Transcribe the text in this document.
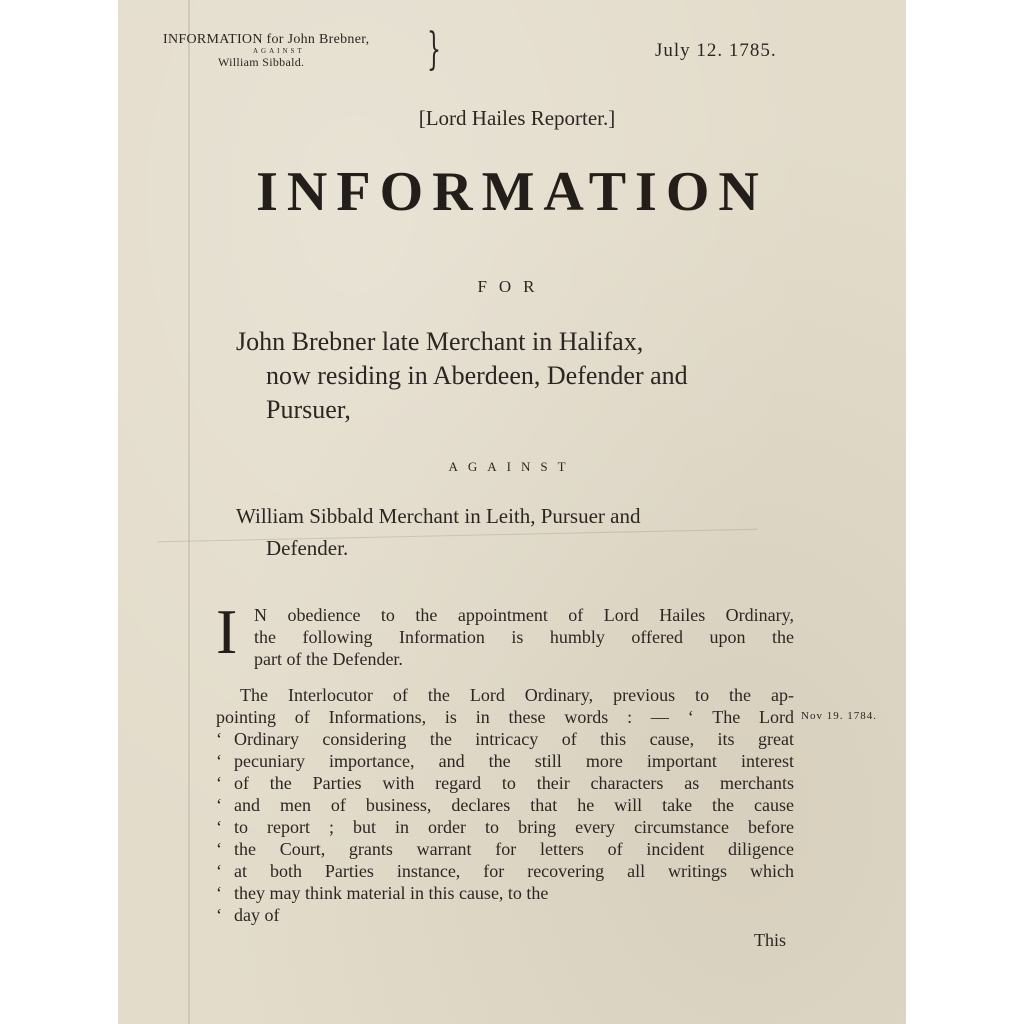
INFORMATION for John Brebner,
AGAINST
William Sibbald.	}	July 12. 1785.
[Lord Hailes Reporter.]
INFORMATION
FOR
John Brebner late Merchant in Halifax,
now residing in Aberdeen, Defender and
Pursuer,
AGAINST
William Sibbald Merchant in Leith, Pursuer and
Defender.
I N obedience to the appointment of Lord Hailes Ordinary,
the following Information is humbly offered upon the
part of the Defender.
The Interlocutor of the Lord Ordinary, previous to the ap-
pointing of Informations, is in these words : — ‘ The Lord
‘ Ordinary considering the intricacy of this cause, its great
‘ pecuniary importance, and the still more important interest
‘ of the Parties with regard to their characters as merchants
‘ and men of business, declares that he will take the cause
‘ to report ; but in order to bring every circumstance before
‘ the Court, grants warrant for letters of incident diligence
‘ at both Parties instance, for recovering all writings which
‘ they may think material in this cause, to the
‘ day of
Nov 19. 1784.
This
